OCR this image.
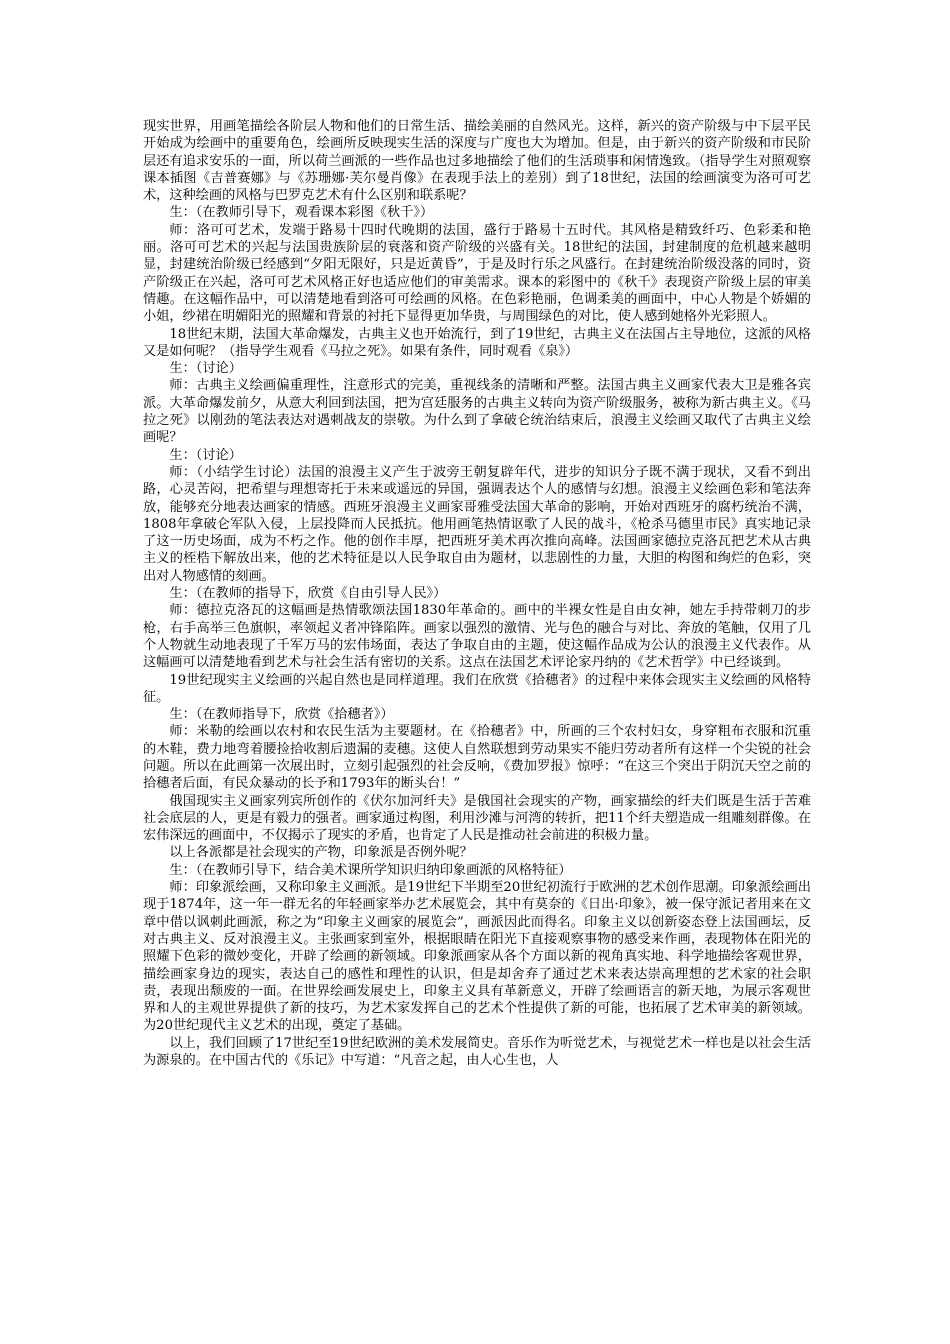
现实世界，用画笔描绘各阶层人物和他们的日常生活、描绘美丽的自然风光。这样，新兴的资产阶级与中下层平民开始成为绘画中的重要角色，绘画所反映现实生活的深度与广度也大为增加。但是，由于新兴的资产阶级和市民阶层还有追求安乐的一面，所以荷兰画派的一些作品也过多地描绘了他们的生活琐事和闲情逸致。（指导学生对照观察课本插图《吉普赛娜》与《苏珊娜·芙尔曼肖像》在表现手法上的差别）到了18世纪，法国的绘画演变为洛可可艺术，这种绘画的风格与巴罗克艺术有什么区别和联系呢？

生：（在教师引导下，观看课本彩图《秋千》）

师：洛可可艺术，发端于路易十四时代晚期的法国，盛行于路易十五时代。其风格是精致纤巧、色彩柔和艳丽。洛可可艺术的兴起与法国贵族阶层的衰落和资产阶级的兴盛有关。18世纪的法国，封建制度的危机越来越明显，封建统治阶级已经感到“夕阳无限好，只是近黄昏”，于是及时行乐之风盛行。在封建统治阶级没落的同时，资产阶级正在兴起，洛可可艺术风格正好也适应他们的审美需求。课本的彩图中的《秋千》表现资产阶级上层的审美情趣。在这幅作品中，可以清楚地看到洛可可绘画的风格。在色彩艳丽，色调柔美的画面中，中心人物是个娇媚的小姐，纱裙在明媚阳光的照耀和背景的衬托下显得更加华贵，与周围绿色的对比，使人感到她格外光彩照人。

18世纪末期，法国大革命爆发，古典主义也开始流行，到了19世纪，古典主义在法国占主导地位，这派的风格又是如何呢？（指导学生观看《马拉之死》。如果有条件，同时观看《泉》）

生：（讨论）

师：古典主义绘画偏重理性，注意形式的完美，重视线条的清晰和严整。法国古典主义画家代表大卫是雅各宾派。大革命爆发前夕，从意大利回到法国，把为宫廷服务的古典主义转向为资产阶级服务，被称为新古典主义。《马拉之死》以刚劲的笔法表达对遇刺战友的崇敬。为什么到了拿破仑统治结束后，浪漫主义绘画又取代了古典主义绘画呢？

生：（讨论）

师：（小结学生讨论）法国的浪漫主义产生于波旁王朝复辟年代，进步的知识分子既不满于现状，又看不到出路，心灵苦闷，把希望与理想寄托于未来或遥远的异国，强调表达个人的感情与幻想。浪漫主义绘画色彩和笔法奔放，能够充分地表达画家的情感。西班牙浪漫主义画家哥雅受法国大革命的影响，开始对西班牙的腐朽统治不满，1808年拿破仑军队入侵，上层投降而人民抵抗。他用画笔热情讴歌了人民的战斗，《枪杀马德里市民》真实地记录了这一历史场面，成为不朽之作。他的创作丰厚，把西班牙美术再次推向高峰。法国画家德拉克洛瓦把艺术从古典主义的桎梏下解放出来，他的艺术特征是以人民争取自由为题材，以悲剧性的力量，大胆的构图和绚烂的色彩，突出对人物感情的刻画。

生：（在教师的指导下，欣赏《自由引导人民》）

师：德拉克洛瓦的这幅画是热情歌颂法国1830年革命的。画中的半裸女性是自由女神，她左手持带刺刀的步枪，右手高举三色旗帜，率领起义者冲锋陷阵。画家以强烈的激情、光与色的融合与对比、奔放的笔触，仅用了几个人物就生动地表现了千军万马的宏伟场面，表达了争取自由的主题，使这幅作品成为公认的浪漫主义代表作。从这幅画可以清楚地看到艺术与社会生活有密切的关系。这点在法国艺术评论家丹纳的《艺术哲学》中已经谈到。

19世纪现实主义绘画的兴起自然也是同样道理。我们在欣赏《拾穗者》的过程中来体会现实主义绘画的风格特征。

生：（在教师指导下，欣赏《拾穗者》）

师：米勒的绘画以农村和农民生活为主要题材。在《拾穗者》中，所画的三个农村妇女，身穿粗布衣服和沉重的木鞋，费力地弯着腰捡拾收割后遗漏的麦穗。这使人自然联想到劳动果实不能归劳动者所有这样一个尖锐的社会问题。所以在此画第一次展出时，立刻引起强烈的社会反响，《费加罗报》惊呼：“在这三个突出于阴沉天空之前的拾穗者后面，有民众暴动的长予和1793年的断头台！”

俄国现实主义画家列宾所创作的《伏尔加河纤夫》是俄国社会现实的产物，画家描绘的纤夫们既是生活于苦难社会底层的人，更是有毅力的强者。画家通过构图，利用沙滩与河湾的转折，把11个纤夫塑造成一组雕刻群像。在宏伟深远的画面中，不仅揭示了现实的矛盾，也肯定了人民是推动社会前进的积极力量。

以上各派都是社会现实的产物，印象派是否例外呢？

生：（在教师引导下，结合美术课所学知识归纳印象画派的风格特征）

师：印象派绘画，又称印象主义画派。是19世纪下半期至20世纪初流行于欧洲的艺术创作思潮。印象派绘画出现于1874年，这一年一群无名的年轻画家举办艺术展览会，其中有莫奈的《日出·印象》，被一保守派记者用来在文章中借以讽刺此画派，称之为“印象主义画家的展览会”，画派因此而得名。印象主义以创新姿态登上法国画坛，反对古典主义、反对浪漫主义。主张画家到室外，根据眼睛在阳光下直接观察事物的感受来作画，表现物体在阳光的照耀下色彩的微妙变化，开辟了绘画的新领域。印象派画家从各个方面以新的视角真实地、科学地描绘客观世界，描绘画家身边的现实，表达自己的感性和理性的认识，但是却舍弃了通过艺术来表达崇高理想的艺术家的社会职责，表现出颓废的一面。在世界绘画发展史上，印象主义具有革新意义，开辟了绘画语言的新天地，为展示客观世界和人的主观世界提供了新的技巧，为艺术家发挥自己的艺术个性提供了新的可能，也拓展了艺术审美的新领域。为20世纪现代主义艺术的出现，奠定了基础。

以上，我们回顾了17世纪至19世纪欧洲的美术发展简史。音乐作为听觉艺术，与视觉艺术一样也是以社会生活为源泉的。在中国古代的《乐记》中写道：“凡音之起，由人心生也，人
